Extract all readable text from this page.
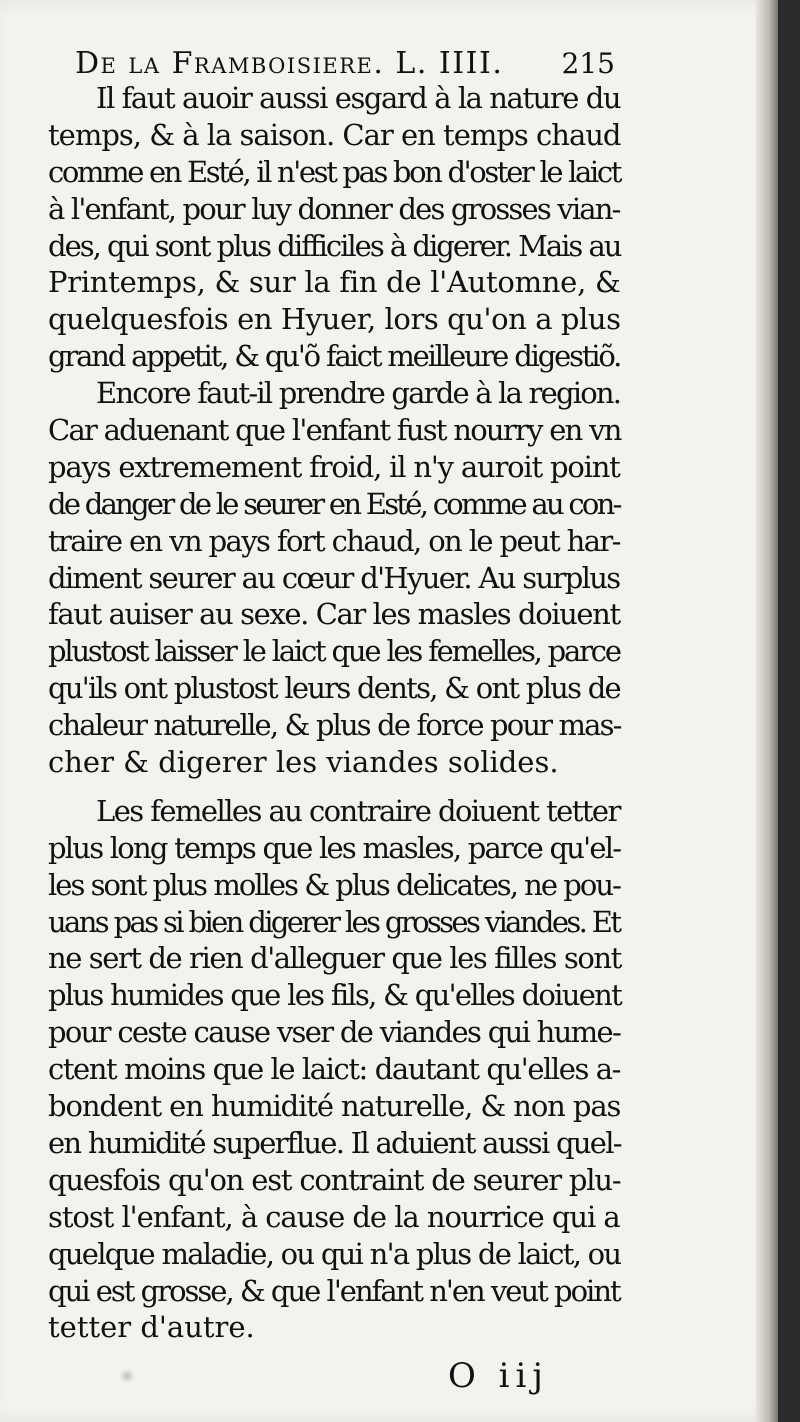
De la Framboisiere. L. IIII. 215
Il faut auoir aussi esgard à la nature du
temps, & à la saison. Car en temps chaud
comme en Esté, il n'est pas bon d'oster le laict
à l'enfant, pour luy donner des grosses vian-
des, qui sont plus difficiles à digerer. Mais au
Printemps, & sur la fin de l'Automne, &
quelquesfois en Hyuer, lors qu'on a plus
grand appetit, & qu'õ faict meilleure digestiõ.
Encore faut-il prendre garde à la region.
Car aduenant que l'enfant fust nourry en vn
pays extremement froid, il n'y auroit point
de danger de le seurer en Esté, comme au con-
traire en vn pays fort chaud, on le peut har-
diment seurer au cœur d'Hyuer. Au surplus
faut auiser au sexe. Car les masles doiuent
plustost laisser le laict que les femelles, parce
qu'ils ont plustost leurs dents, & ont plus de
chaleur naturelle, & plus de force pour mas-
cher & digerer les viandes solides.
Les femelles au contraire doiuent tetter
plus long temps que les masles, parce qu'el-
les sont plus molles & plus delicates, ne pou-
uans pas si bien digerer les grosses viandes. Et
ne sert de rien d'alleguer que les filles sont
plus humides que les fils, & qu'elles doiuent
pour ceste cause vser de viandes qui hume-
ctent moins que le laict: dautant qu'elles a-
bondent en humidité naturelle, & non pas
en humidité superflue. Il aduient aussi quel-
quesfois qu'on est contraint de seurer plu-
stost l'enfant, à cause de la nourrice qui a
quelque maladie, ou qui n'a plus de laict, ou
qui est grosse, & que l'enfant n'en veut point
tetter d'autre.
O iij
